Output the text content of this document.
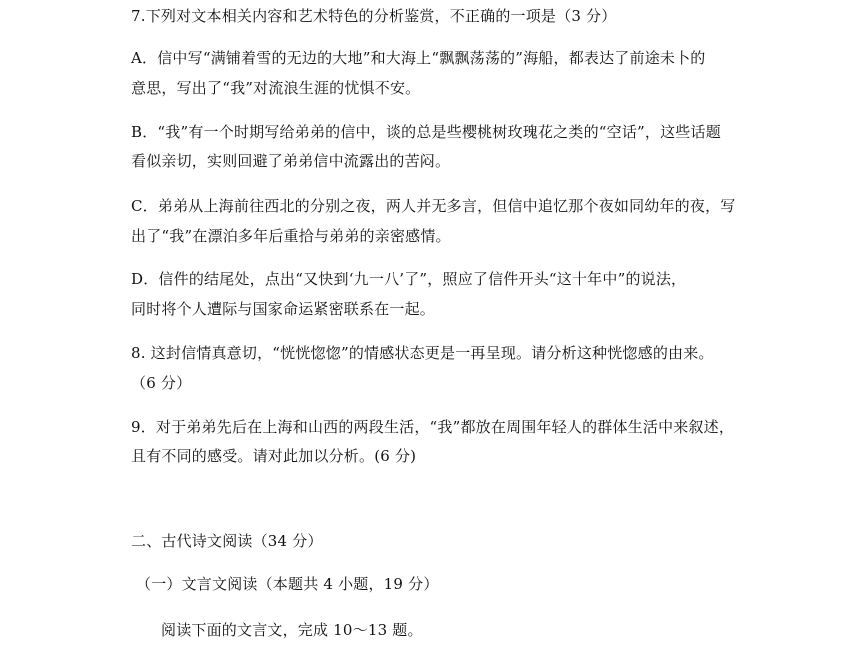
7.下列对文本相关内容和艺术特色的分析鉴赏，不正确的一项是（3 分）
A．信中写“满铺着雪的无边的大地”和大海上“飘飘荡荡的”海船，都表达了前途未卜的
意思，写出了“我”对流浪生涯的忧惧不安。
B．“我”有一个时期写给弟弟的信中，谈的总是些樱桃树玫瑰花之类的“空话”，这些话题
看似亲切，实则回避了弟弟信中流露出的苦闷。
C．弟弟从上海前往西北的分别之夜，两人并无多言，但信中追忆那个夜如同幼年的夜，写
出了“我”在漂泊多年后重拾与弟弟的亲密感情。
D．信件的结尾处，点出“又快到‘九一八’了”，照应了信件开头“这十年中”的说法，
同时将个人遭际与国家命运紧密联系在一起。
8. 这封信情真意切，“恍恍惚惚”的情感状态更是一再呈现。请分析这种恍惚感的由来。
（6 分）
9．对于弟弟先后在上海和山西的两段生活，“我”都放在周围年轻人的群体生活中来叙述，
且有不同的感受。请对此加以分析。(6 分)
二、古代诗文阅读（34 分）
（一）文言文阅读（本题共 4 小题，19 分）
阅读下面的文言文，完成 10～13 题。
